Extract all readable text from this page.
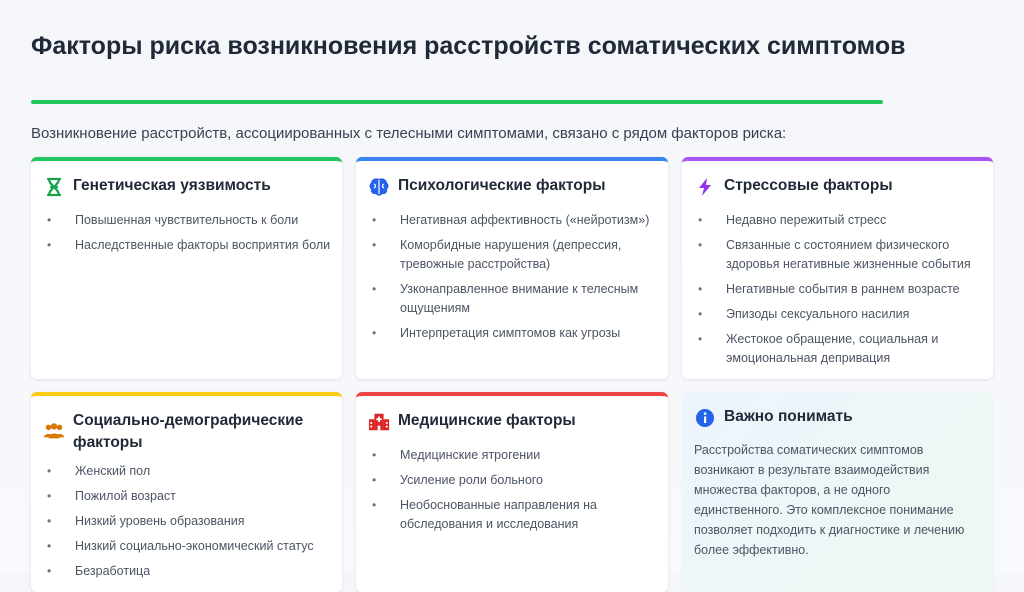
Факторы риска возникновения расстройств соматических симптомов

Возникновение расстройств, ассоциированных с телесными симптомами, связано с рядом факторов риска:

Генетическая уязвимость
• Повышенная чувствительность к боли
• Наследственные факторы восприятия боли
Психологические факторы
• Негативная аффективность («нейротизм»)
• Коморбидные нарушения (депрессия, тревожные расстройства)
• Узконаправленное внимание к телесным ощущениям
• Интерпретация симптомов как угрозы
Стрессовые факторы
• Недавно пережитый стресс
• Связанные с состоянием физического здоровья негативные жизненные события
• Негативные события в раннем возрасте
• Эпизоды сексуального насилия
• Жестокое обращение, социальная и эмоциональная депривация
Социально-демографические факторы
• Женский пол
• Пожилой возраст
• Низкий уровень образования
• Низкий социально-экономический статус
• Безработица
Медицинские факторы
• Медицинские ятрогении
• Усиление роли больного
• Необоснованные направления на обследования и исследования
Важно понимать

Расстройства соматических симптомов возникают в результате взаимодействия множества факторов, а не одного единственного. Это комплексное понимание позволяет подходить к диагностике и лечению более эффективно.
